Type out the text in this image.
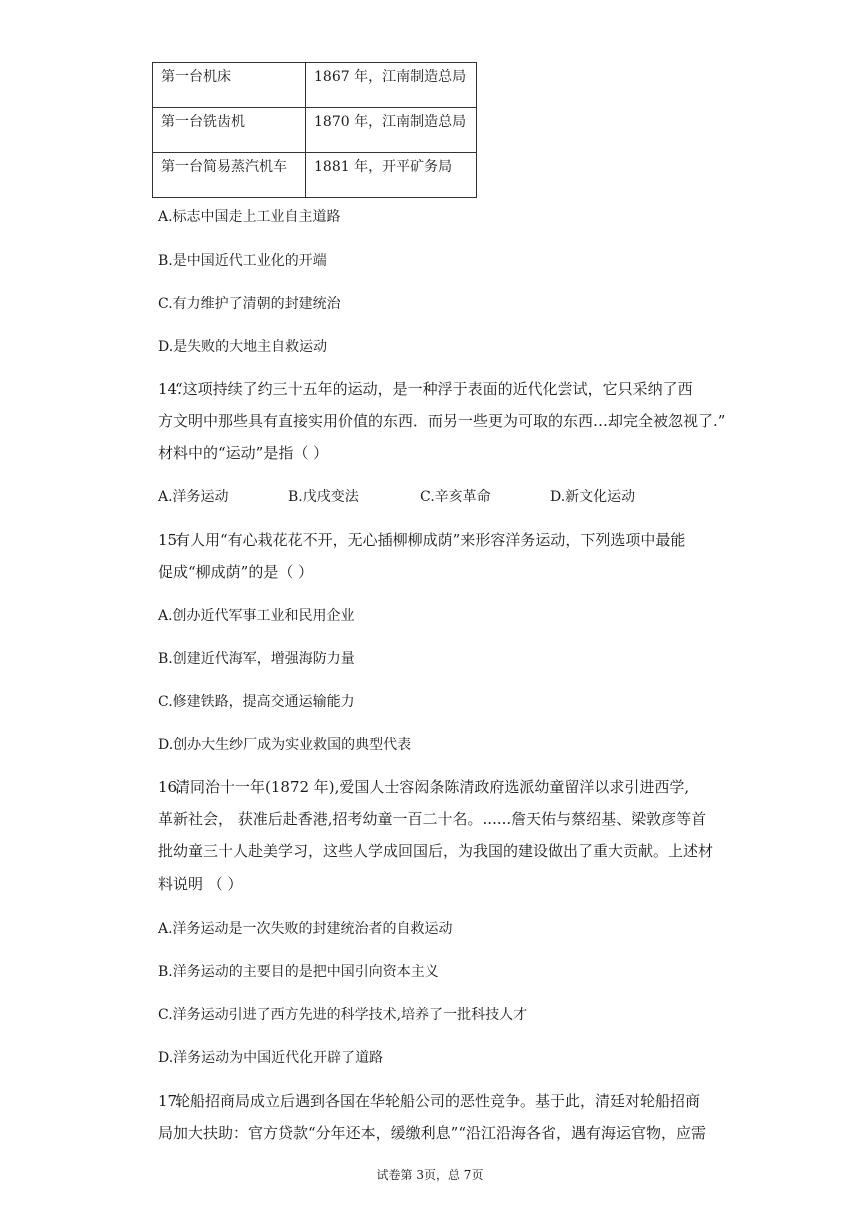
第一台机床	1867 年，江南制造总局
第一台铣齿机	1870 年，江南制造总局
第一台简易蒸汽机车	1881 年，开平矿务局
A.标志中国走上工业自主道路
B.是中国近代工业化的开端
C.有力维护了清朝的封建统治
D.是失败的大地主自救运动
14.
“这项持续了约三十五年的运动，是一种浮于表面的近代化尝试，它只采纳了西
方文明中那些具有直接实用价值的东西．而另一些更为可取的东西…却完全被忽视了.”
材料中的“运动”是指（ ）
A.洋务运动	B.戊戌变法	C.辛亥革命	D.新文化运动
15.
有人用“有心栽花花不开，无心插柳柳成荫”来形容洋务运动，下列选项中最能
促成“柳成荫”的是（ ）
A.创办近代军事工业和民用企业
B.创建近代海军，增强海防力量
C.修建铁路，提高交通运输能力
D.创办大生纱厂成为实业救国的典型代表
16.
清同治十一年(1872 年),爱国人士容闳条陈清政府选派幼童留洋以求引进西学,
革新社会， 获准后赴香港,招考幼童一百二十名。......詹天佑与蔡绍基、梁敦彦等首
批幼童三十人赴美学习，这些人学成回国后，为我国的建设做出了重大贡献。上述材
料说明 （ ）
A.洋务运动是一次失败的封建统治者的自救运动
B.洋务运动的主要目的是把中国引向资本主义
C.洋务运动引进了西方先进的科学技术,培养了一批科技人才
D.洋务运动为中国近代化开辟了道路
17.
轮船招商局成立后遇到各国在华轮船公司的恶性竞争。基于此，清廷对轮船招商
局加大扶助：官方贷款“分年还本，缓缴利息”“沿江沿海各省，遇有海运官物，应需
试卷第 3页，总 7页
